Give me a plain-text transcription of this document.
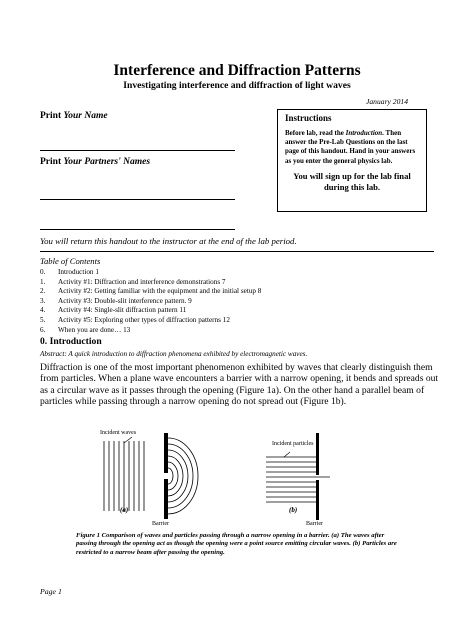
Interference and Diffraction Patterns
Investigating interference and diffraction of light waves
January 2014
Print Your Name
Print Your Partners' Names
Instructions
Before lab, read the Introduction. Then answer the Pre-Lab Questions on the last page of this handout. Hand in your answers as you enter the general physics lab.
You will sign up for the lab final during this lab.
You will return this handout to the instructor at the end of the lab period.
Table of Contents
0. Introduction 1
1. Activity #1: Diffraction and interference demonstrations 7
2. Activity #2: Getting familiar with the equipment and the initial setup 8
3. Activity #3: Double-slit interference pattern. 9
4. Activity #4: Single-slit diffraction pattern 11
5. Activity #5: Exploring other types of diffraction patterns 12
6. When you are done… 13
0. Introduction
Abstract: A quick introduction to diffraction phenomena exhibited by electromagnetic waves.
Diffraction is one of the most important phenomenon exhibited by waves that clearly distinguish them from particles. When a plane wave encounters a barrier with a narrow opening, it bends and spreads out as a circular wave as it passes through the opening (Figure 1a). On the other hand a parallel beam of particles while passing through a narrow opening do not spread out (Figure 1b).
Incident waves
(a)
Barrier
Incident particles
(b)
Barrier
Figure 1 Comparison of waves and particles passing through a narrow opening in a barrier. (a) The waves after passing through the opening act as though the opening were a point source emitting circular waves. (b) Particles are restricted to a narrow beam after passing the opening.
Page 1
